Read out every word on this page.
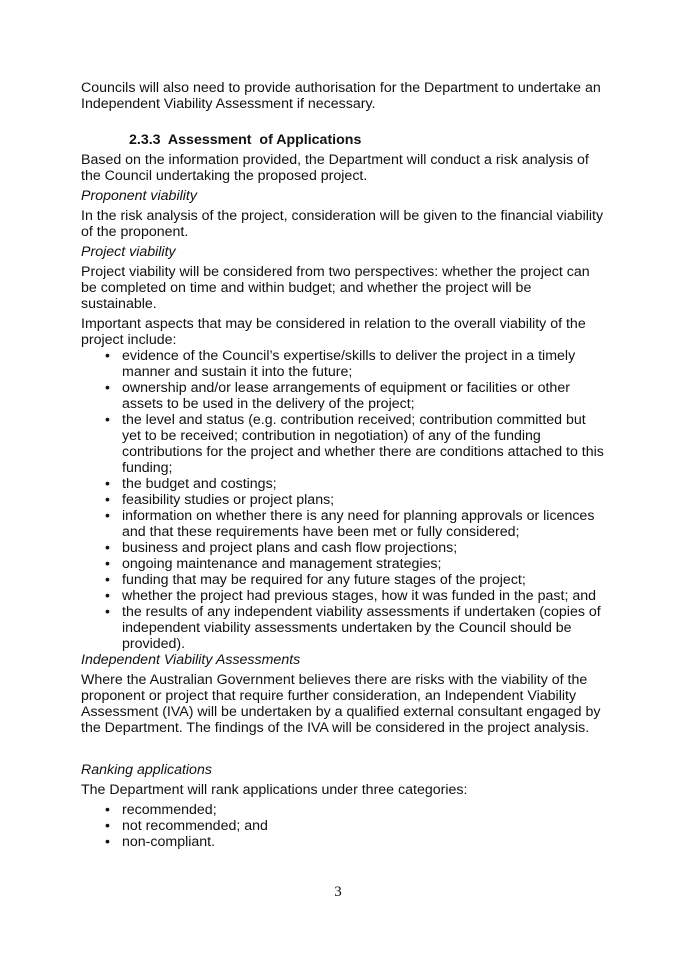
Councils will also need to provide authorisation for the Department to undertake an Independent Viability Assessment if necessary.

2.3.3 Assessment  of Applications

Based on the information provided, the Department will conduct a risk analysis of the Council undertaking the proposed project.

Proponent viability

In the risk analysis of the project, consideration will be given to the financial viability of the proponent.

Project viability

Project viability will be considered from two perspectives: whether the project can be completed on time and within budget; and whether the project will be sustainable.

Important aspects that may be considered in relation to the overall viability of the project include:

• evidence of the Council’s expertise/skills to deliver the project in a timely manner and sustain it into the future;
• ownership and/or lease arrangements of equipment or facilities or other assets to be used in the delivery of the project;
• the level and status (e.g. contribution received; contribution committed but yet to be received; contribution in negotiation) of any of the funding contributions for the project and whether there are conditions attached to this funding;
• the budget and costings;
• feasibility studies or project plans;
• information on whether there is any need for planning approvals or licences and that these requirements have been met or fully considered;
• business and project plans and cash flow projections;
• ongoing maintenance and management strategies;
• funding that may be required for any future stages of the project;
• whether the project had previous stages, how it was funded in the past; and
• the results of any independent viability assessments if undertaken (copies of independent viability assessments undertaken by the Council should be provided).

Independent Viability Assessments

Where the Australian Government believes there are risks with the viability of the proponent or project that require further consideration, an Independent Viability Assessment (IVA) will be undertaken by a qualified external consultant engaged by the Department. The findings of the IVA will be considered in the project analysis.

Ranking applications

The Department will rank applications under three categories:

• recommended;
• not recommended; and
• non-compliant.
3
